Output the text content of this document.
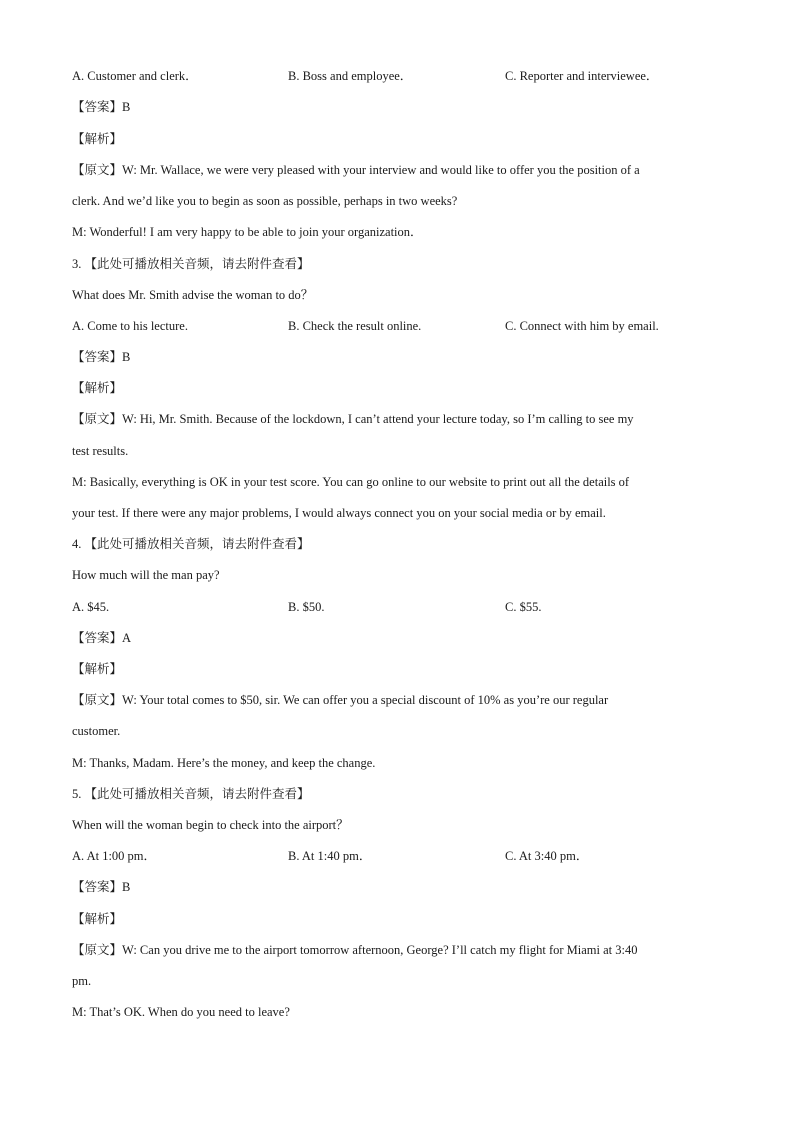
A. Customer and clerk．	B. Boss and employee．	C. Reporter and interviewee．
【答案】B
【解析】
【原文】W: Mr. Wallace, we were very pleased with your interview and would like to offer you the position of a
clerk. And we’d like you to begin as soon as possible, perhaps in two weeks?
M: Wonderful! I am very happy to be able to join your organization．
3. 【此处可播放相关音频，请去附件查看】
What does Mr. Smith advise the woman to do？
A. Come to his lecture.	B. Check the result online.	C. Connect with him by email.
【答案】B
【解析】
【原文】W: Hi, Mr. Smith. Because of the lockdown, I can’t attend your lecture today, so I’m calling to see my
test results.
M: Basically, everything is OK in your test score. You can go online to our website to print out all the details of
your test. If there were any major problems, I would always connect you on your social media or by email.
4. 【此处可播放相关音频，请去附件查看】
How much will the man pay?
A. $45.	B. $50.	C. $55.
【答案】A
【解析】
【原文】W: Your total comes to $50, sir. We can offer you a special discount of 10% as you’re our regular
customer.
M: Thanks, Madam. Here’s the money, and keep the change.
5. 【此处可播放相关音频，请去附件查看】
When will the woman begin to check into the airport？
A. At 1:00 pm．	B. At 1:40 pm．	C. At 3:40 pm．
【答案】B
【解析】
【原文】W: Can you drive me to the airport tomorrow afternoon, George? I’ll catch my flight for Miami at 3:40
pm.
M: That’s OK. When do you need to leave?
